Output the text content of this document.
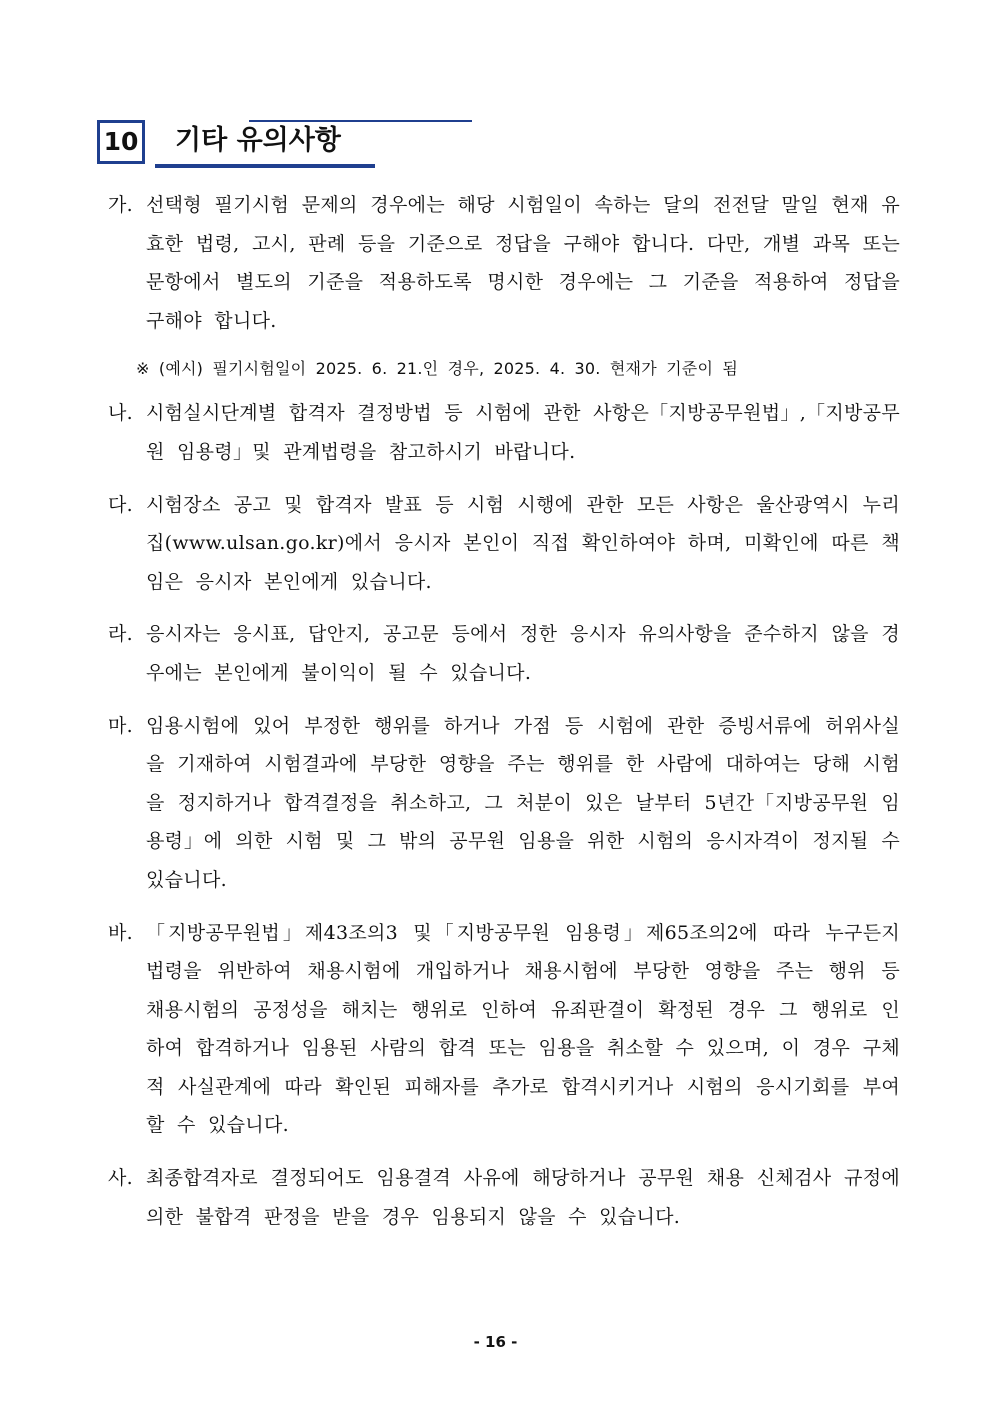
10 기타 유의사항
가. 선택형 필기시험 문제의 경우에는 해당 시험일이 속하는 달의 전전달 말일 현재 유효한 법령, 고시, 판례 등을 기준으로 정답을 구해야 합니다. 다만, 개별 과목 또는 문항에서 별도의 기준을 적용하도록 명시한 경우에는 그 기준을 적용하여 정답을 구해야 합니다.
※ (예시) 필기시험일이 2025. 6. 21.인 경우, 2025. 4. 30. 현재가 기준이 됨
나. 시험실시단계별 합격자 결정방법 등 시험에 관한 사항은「지방공무원법」,「지방공무원 임용령」및 관계법령을 참고하시기 바랍니다.
다. 시험장소 공고 및 합격자 발표 등 시험 시행에 관한 모든 사항은 울산광역시 누리집(www.ulsan.go.kr)에서 응시자 본인이 직접 확인하여야 하며, 미확인에 따른 책임은 응시자 본인에게 있습니다.
라. 응시자는 응시표, 답안지, 공고문 등에서 정한 응시자 유의사항을 준수하지 않을 경우에는 본인에게 불이익이 될 수 있습니다.
마. 임용시험에 있어 부정한 행위를 하거나 가점 등 시험에 관한 증빙서류에 허위사실을 기재하여 시험결과에 부당한 영향을 주는 행위를 한 사람에 대하여는 당해 시험을 정지하거나 합격결정을 취소하고, 그 처분이 있은 날부터 5년간「지방공무원 임용령」에 의한 시험 및 그 밖의 공무원 임용을 위한 시험의 응시자격이 정지될 수 있습니다.
바. 「지방공무원법」제43조의3 및「지방공무원 임용령」제65조의2에 따라 누구든지 법령을 위반하여 채용시험에 개입하거나 채용시험에 부당한 영향을 주는 행위 등 채용시험의 공정성을 해치는 행위로 인하여 유죄판결이 확정된 경우 그 행위로 인하여 합격하거나 임용된 사람의 합격 또는 임용을 취소할 수 있으며, 이 경우 구체적 사실관계에 따라 확인된 피해자를 추가로 합격시키거나 시험의 응시기회를 부여할 수 있습니다.
사. 최종합격자로 결정되어도 임용결격 사유에 해당하거나 공무원 채용 신체검사 규정에 의한 불합격 판정을 받을 경우 임용되지 않을 수 있습니다.
- 16 -
